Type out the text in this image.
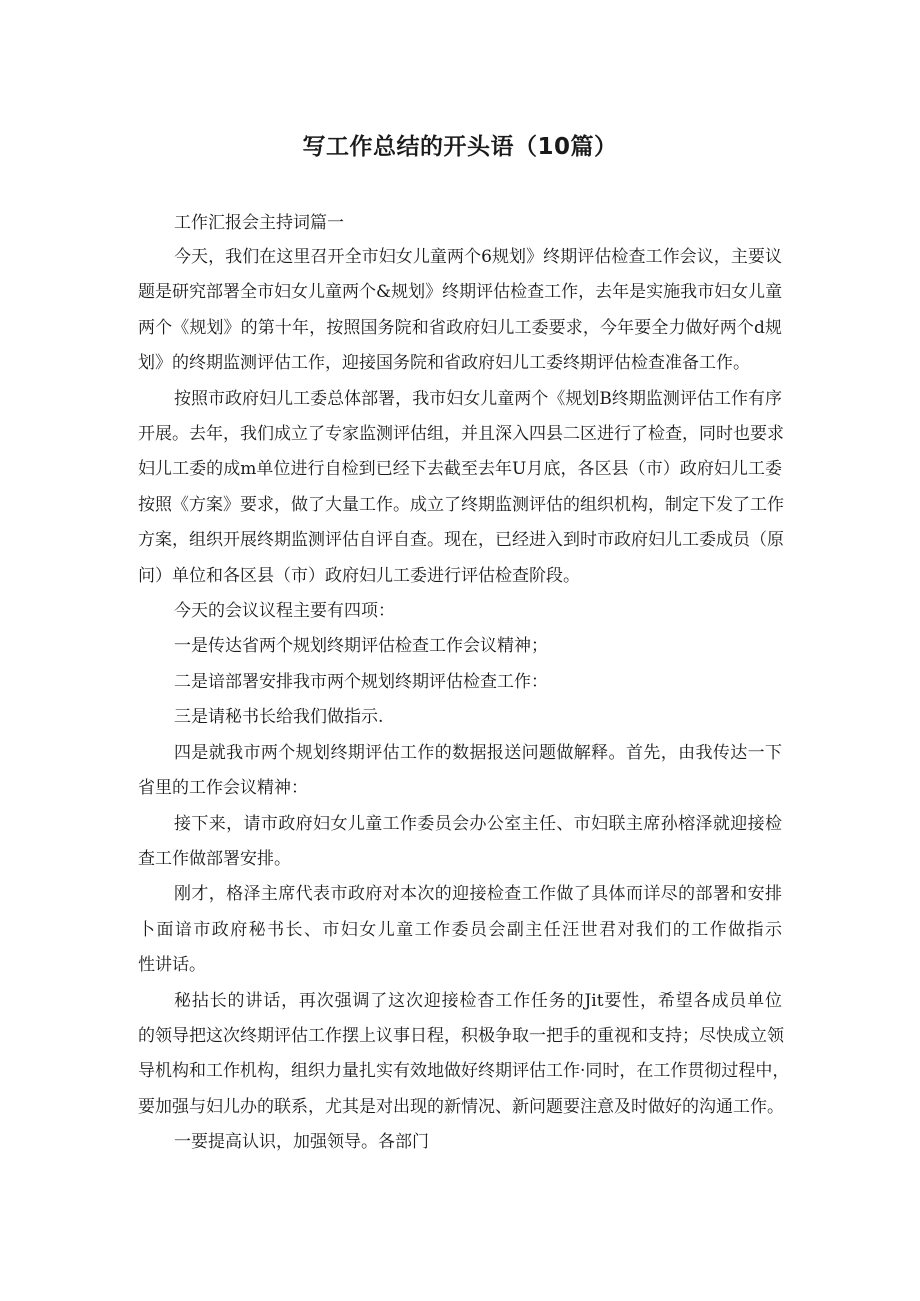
写工作总结的开头语（10篇）

工作汇报会主持词篇一

今天，我们在这里召开全市妇女儿童两个6规划》终期评估检查工作会议，主要议
题是研究部署全市妇女儿童两个&规划》终期评估检查工作，去年是实施我市妇女儿童
两个《规划》的第十年，按照国务院和省政府妇儿工委要求，今年要全力做好两个d规
划》的终期监测评估工作，迎接国务院和省政府妇儿工委终期评估检查准备工作。

按照市政府妇儿工委总体部署，我市妇女儿童两个《规划B终期监测评估工作有序
开展。去年，我们成立了专家监测评估组，并且深入四县二区进行了检查，同时也要求
妇儿工委的成m单位进行自检到已经下去截至去年U月底，各区县（市）政府妇儿工委
按照《方案》要求，做了大量工作。成立了终期监测评估的组织机构，制定下发了工作
方案，组织开展终期监测评估自评自查。现在，已经进入到时市政府妇儿工委成员（原
问）单位和各区县（市）政府妇儿工委进行评估检查阶段。

今天的会议议程主要有四项：

一是传达省两个规划终期评估检查工作会议精神；

二是谙部署安排我市两个规划终期评估检查工作：

三是请秘书长给我们做指示.

四是就我市两个规划终期评估工作的数据报送问题做解释。首先，由我传达一下
省里的工作会议精神：

接下来，请市政府妇女儿童工作委员会办公室主任、市妇联主席孙榕泽就迎接检
查工作做部署安排。

刚才，格泽主席代表市政府对本次的迎接检查工作做了具体而详尽的部署和安排
卜面谙市政府秘书长、市妇女儿童工作委员会副主任汪世君对我们的工作做指示
性讲话。

秘拈长的讲话，再次强调了这次迎接检杳工作任务的Jit要性，希望各成员单位
的领导把这次终期评估工作摆上议事日程，积极争取一把手的重视和支持；尽快成立领
导机构和工作机构，组织力量扎实有效地做好终期评估工作·同时，在工作贯彻过程中，
要加强与妇儿办的联系，尤其是对出现的新情况、新问题要注意及时做好的沟通工作。

一要提高认识，加强领导。各部门
